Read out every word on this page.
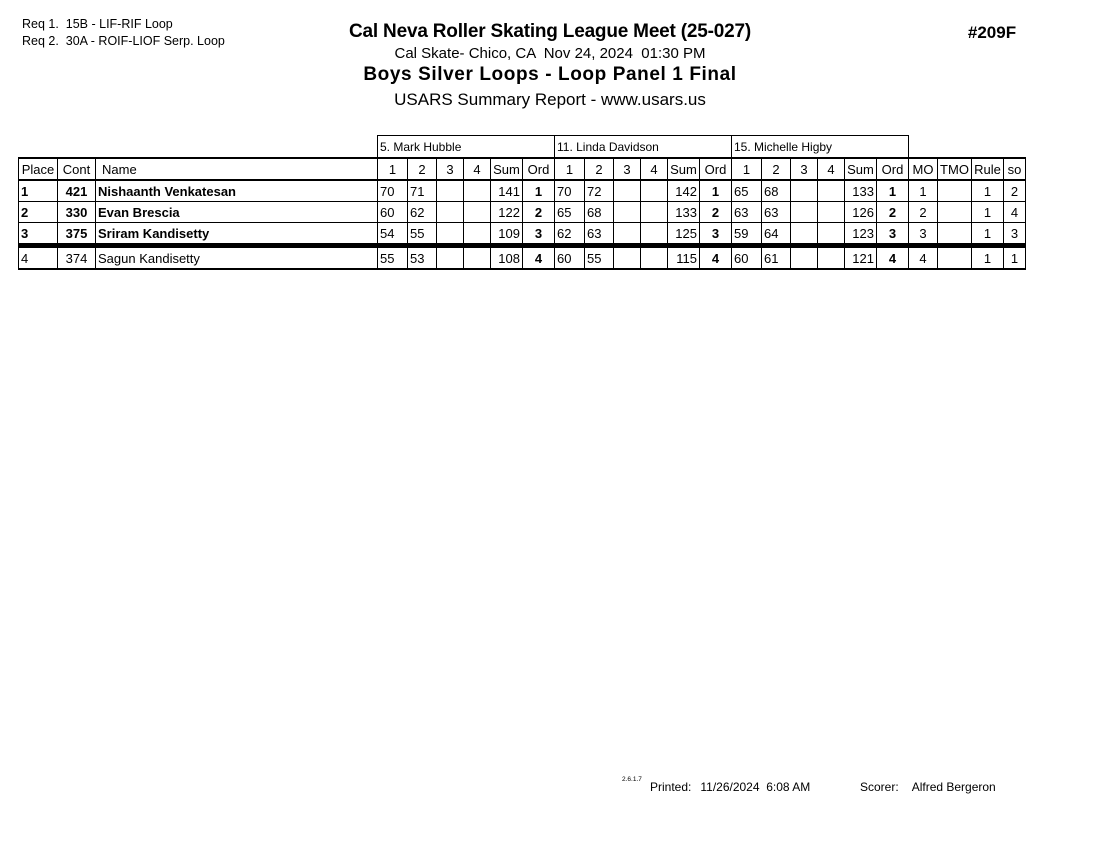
Req 1.  15B - LIF-RIF Loop
Req 2.  30A - ROIF-LIOF Serp. Loop	Cal Neva Roller Skating League Meet (25-027)
Cal Skate- Chico, CA  Nov 24, 2024  01:30 PM
Boys Silver Loops - Loop Panel 1 Final
USARS Summary Report - www.usars.us
#209F
			5. Mark Hubble						11. Linda Davidson						15. Michelle Higby									
Place	Cont	Name	1	2	3	4	Sum	Ord	1	2	3	4	Sum	Ord	1	2	3	4	Sum	Ord	MO	TMO	Rule	so
1	421	Nishaanth Venkatesan	70	71			141	1	70	72			142	1	65	68			133	1	1		1	2
2	330	Evan Brescia	60	62			122	2	65	68			133	2	63	63			126	2	2		1	4
3	375	Sriram Kandisetty	54	55			109	3	62	63			125	3	59	64			123	3	3		1	3
4	374	Sagun Kandisetty	55	53			108	4	60	55			115	4	60	61			121	4	4		1	1
2.6.1.7
Printed: 11/26/2024  6:08 AM	Scorer: Alfred Bergeron
